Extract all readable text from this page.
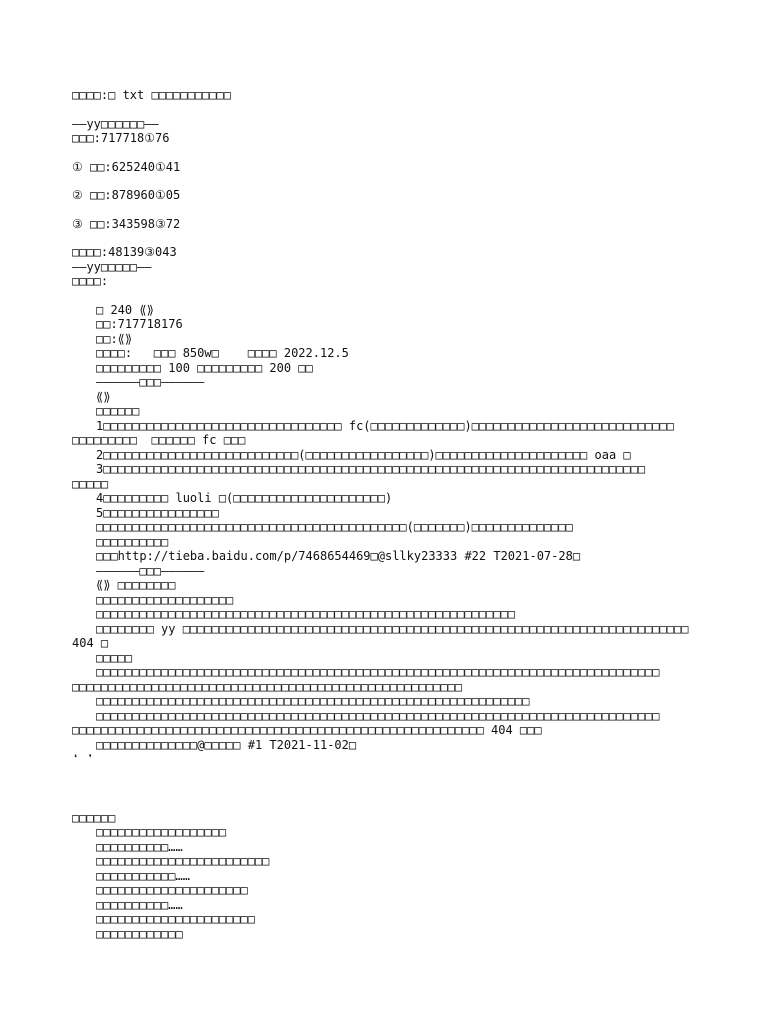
□□□□:□ txt □□□□□□□□□□□
——yy□□□□□□——
□□□:717718①76
① □□:625240①41
② □□:878960①05
③ □□:343598③72
□□□□:48139③043
——yy□□□□□——
□□□□:
□ 240 ⟪⟫
□□:717718176
□□:⟪⟫
□□□□:   □□□ 850w□    □□□□ 2022.12.5
□□□□□□□□□ 100 □□□□□□□□□ 200 □□
——————□□□——————
⟪⟫
□□□□□□
1□□□□□□□□□□□□□□□□□□□□□□□□□□□□□□□□□ fc(□□□□□□□□□□□□□)□□□□□□□□□□□□□□□□□□□□□□□□□□□□
□□□□□□□□□  □□□□□□ fc □□□
2□□□□□□□□□□□□□□□□□□□□□□□□□□□(□□□□□□□□□□□□□□□□□)□□□□□□□□□□□□□□□□□□□□□ oaa □
3□□□□□□□□□□□□□□□□□□□□□□□□□□□□□□□□□□□□□□□□□□□□□□□□□□□□□□□□□□□□□□□□□□□□□□□□□□□
□□□□□
4□□□□□□□□□ luoli □(□□□□□□□□□□□□□□□□□□□□□)
5□□□□□□□□□□□□□□□□
□□□□□□□□□□□□□□□□□□□□□□□□□□□□□□□□□□□□□□□□□□□(□□□□□□□)□□□□□□□□□□□□□□
□□□□□□□□□□
□□□http://tieba.baidu.com/p/7468654469□@sllky23333 #22 T2021-07-28□
——————□□□——————
⟪⟫ □□□□□□□□
□□□□□□□□□□□□□□□□□□□
□□□□□□□□□□□□□□□□□□□□□□□□□□□□□□□□□□□□□□□□□□□□□□□□□□□□□□□□□□
□□□□□□□□ yy □□□□□□□□□□□□□□□□□□□□□□□□□□□□□□□□□□□□□□□□□□□□□□□□□□□□□□□□□□□□□□□□□□□□□□
404 □
□□□□□
□□□□□□□□□□□□□□□□□□□□□□□□□□□□□□□□□□□□□□□□□□□□□□□□□□□□□□□□□□□□□□□□□□□□□□□□□□□□□□
□□□□□□□□□□□□□□□□□□□□□□□□□□□□□□□□□□□□□□□□□□□□□□□□□□□□□□
□□□□□□□□□□□□□□□□□□□□□□□□□□□□□□□□□□□□□□□□□□□□□□□□□□□□□□□□□□□□
□□□□□□□□□□□□□□□□□□□□□□□□□□□□□□□□□□□□□□□□□□□□□□□□□□□□□□□□□□□□□□□□□□□□□□□□□□□□□□
□□□□□□□□□□□□□□□□□□□□□□□□□□□□□□□□□□□□□□□□□□□□□□□□□□□□□□□□□ 404 □□□
□□□□□□□□□□□□□□@□□□□□ #1 T2021-11-02□
❛ ❜
□□□□□□
□□□□□□□□□□□□□□□□□□
□□□□□□□□□□……
□□□□□□□□□□□□□□□□□□□□□□□□
□□□□□□□□□□□……
□□□□□□□□□□□□□□□□□□□□□
□□□□□□□□□□……
□□□□□□□□□□□□□□□□□□□□□□
□□□□□□□□□□□□
